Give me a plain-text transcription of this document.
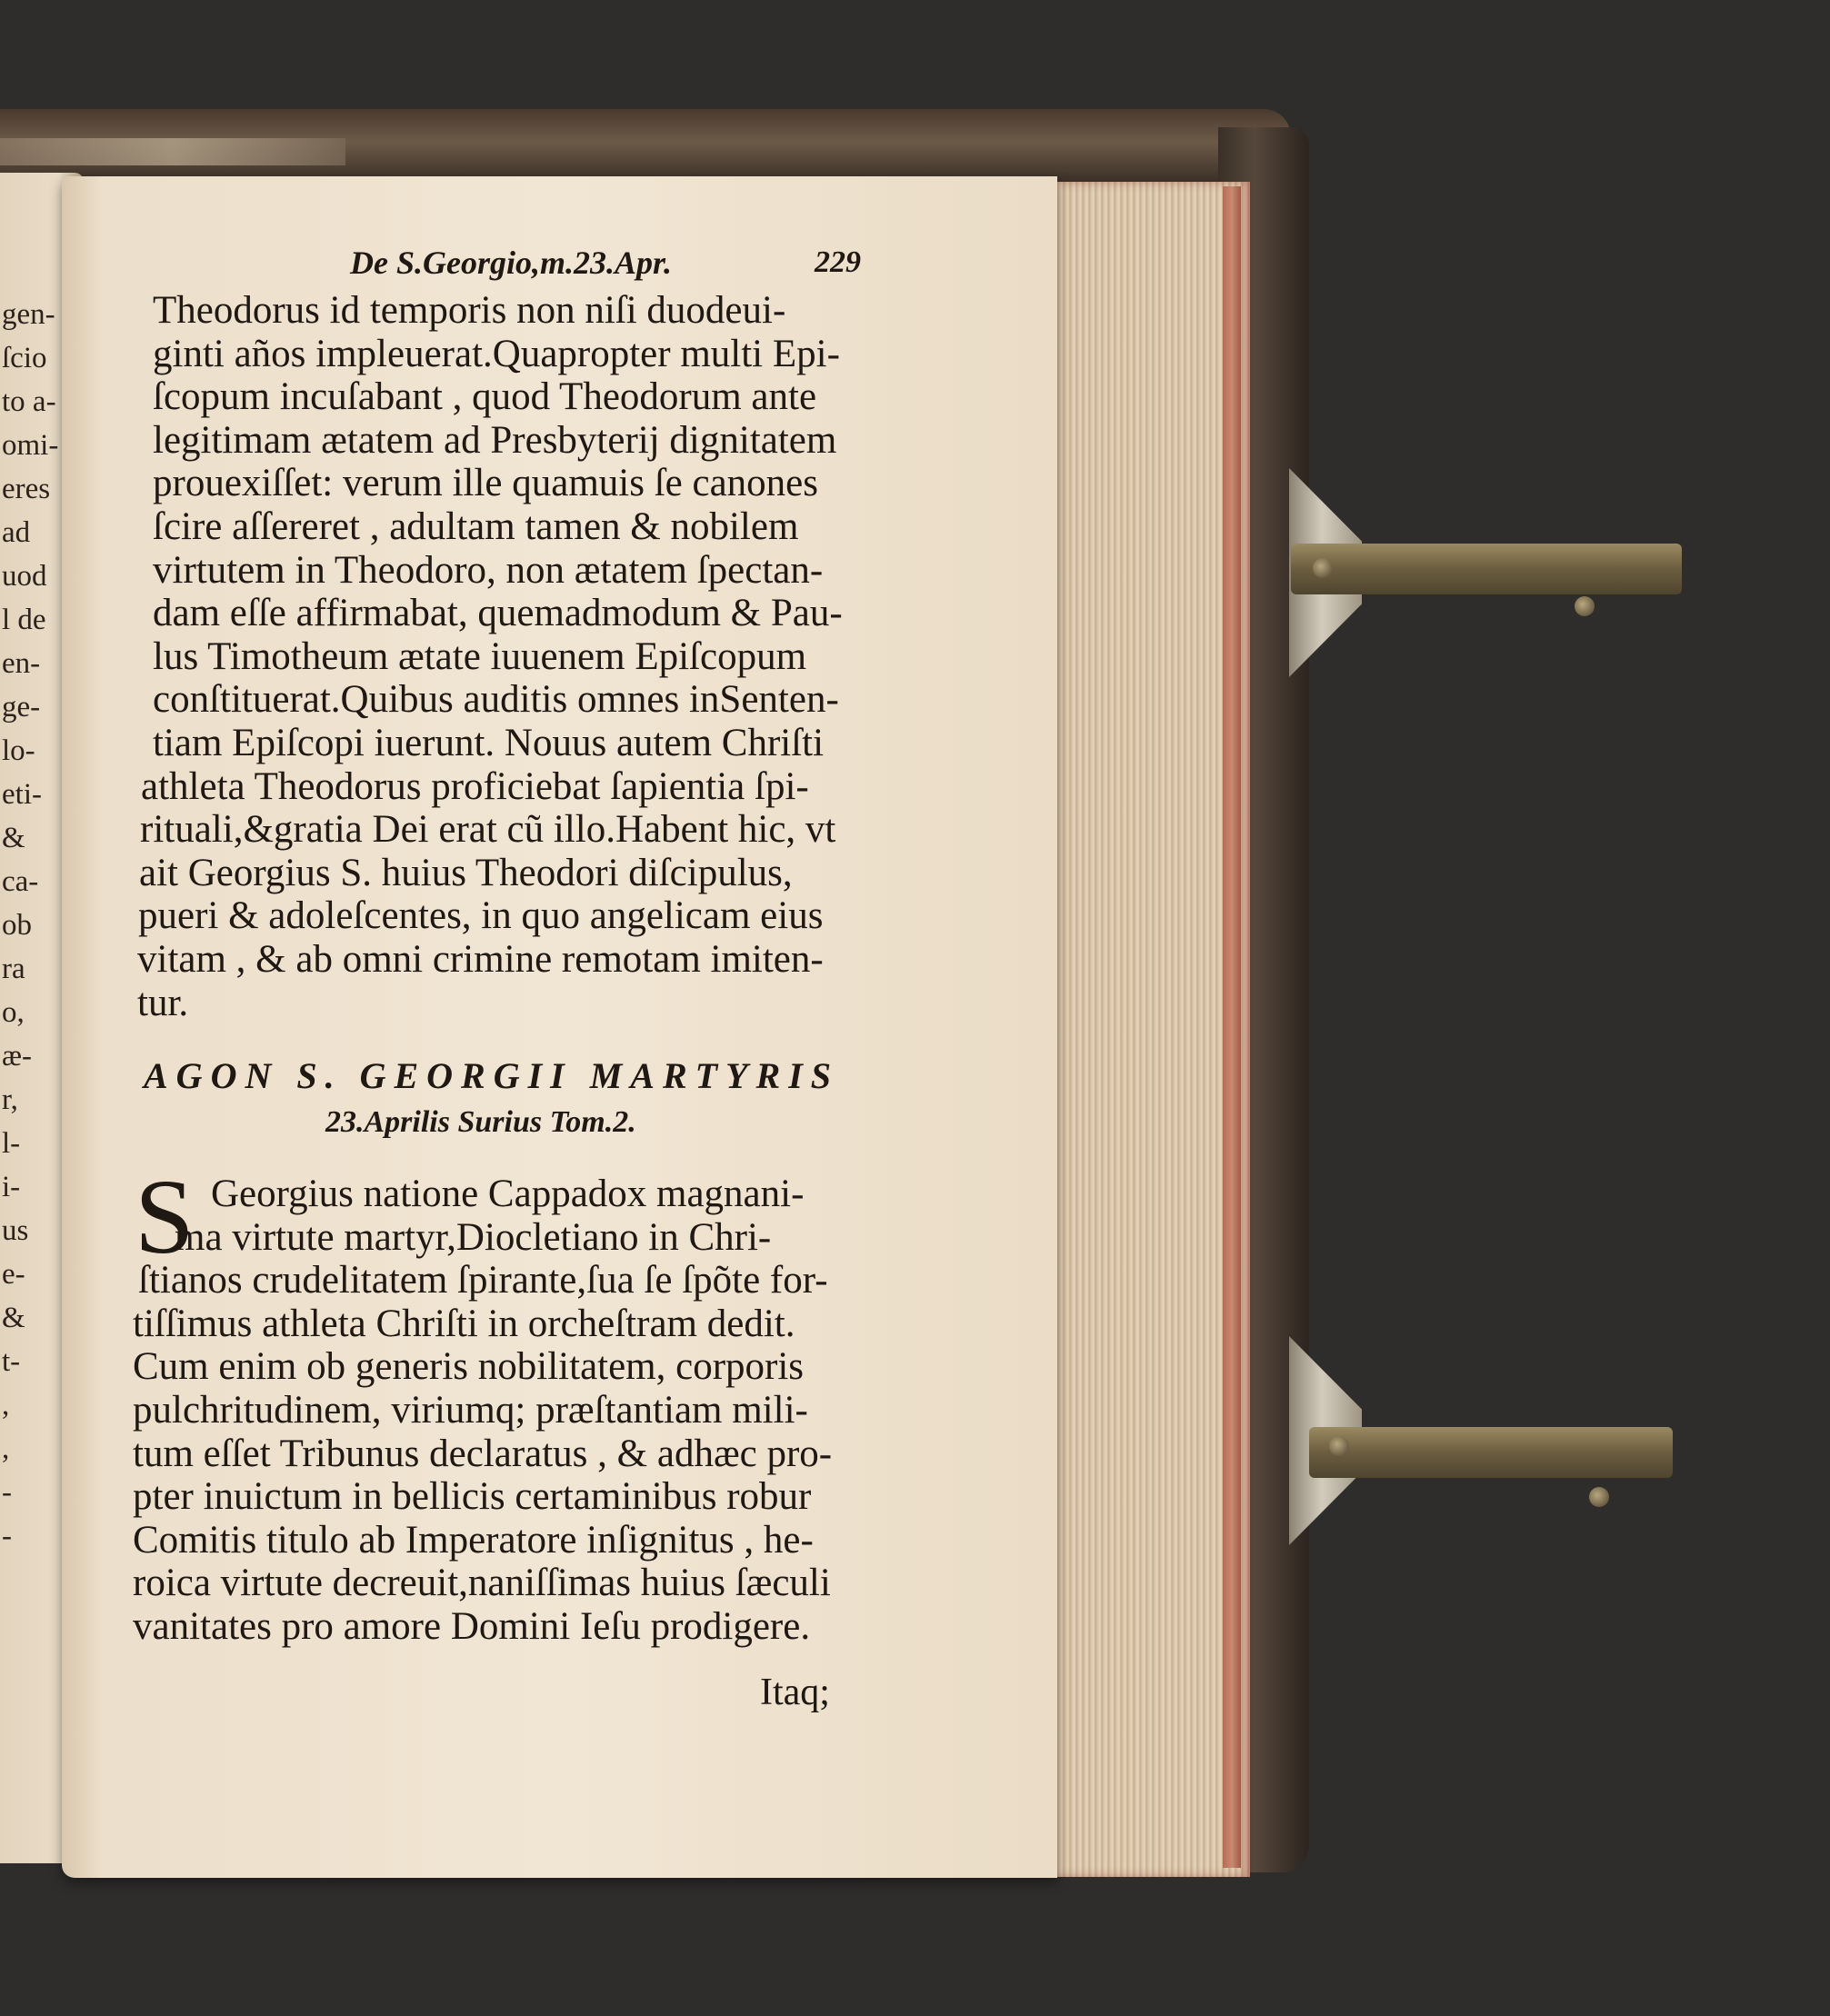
gen-
ſcio
to a-
omi-
eres
ad
uod
l de
en-
ge-
lo-
eti-
&
ca-
ob
ra
o,
æ-
r,
l-
i-
us
e-
&
t-
,
,
-
-
De S.Georgio,m.23.Apr.	229
Theodorus id temporis non niſi duodeui-
ginti años impleuerat.Quapropter multi Epi-
ſcopum incuſabant , quod Theodorum ante
legitimam ætatem ad Presbyterij dignitatem
prouexiſſet: verum ille quamuis ſe canones
ſcire aſſereret , adultam tamen & nobilem
virtutem in Theodoro, non ætatem ſpectan-
dam eſſe affirmabat, quemadmodum & Pau-
lus Timotheum ætate iuuenem Epiſcopum
conſtituerat.Quibus auditis omnes inSenten-
tiam Epiſcopi iuerunt. Nouus autem Chriſti
athleta Theodorus proficiebat ſapientia ſpi-
rituali,&gratia Dei erat cũ illo.Habent hic, vt
ait Georgius S. huius Theodori diſcipulus,
pueri & adoleſcentes, in quo angelicam eius
vitam , & ab omni crimine remotam imiten-
tur.
AGON S. GEORGII MARTYRIS
23.Aprilis Surius Tom.2.
S Georgius natione Cappadox magnani-
ma virtute martyr,Diocletiano in Chri-
ſtianos crudelitatem ſpirante,ſua ſe ſpõte for-
tiſſimus athleta Chriſti in orcheſtram dedit.
Cum enim ob generis nobilitatem, corporis
pulchritudinem, viriumq; præſtantiam mili-
tum eſſet Tribunus declaratus , & adhæc pro-
pter inuictum in bellicis certaminibus robur
Comitis titulo ab Imperatore inſignitus , he-
roica virtute decreuit,naniſſimas huius ſæculi
vanitates pro amore Domini Ieſu prodigere.
Itaq;
